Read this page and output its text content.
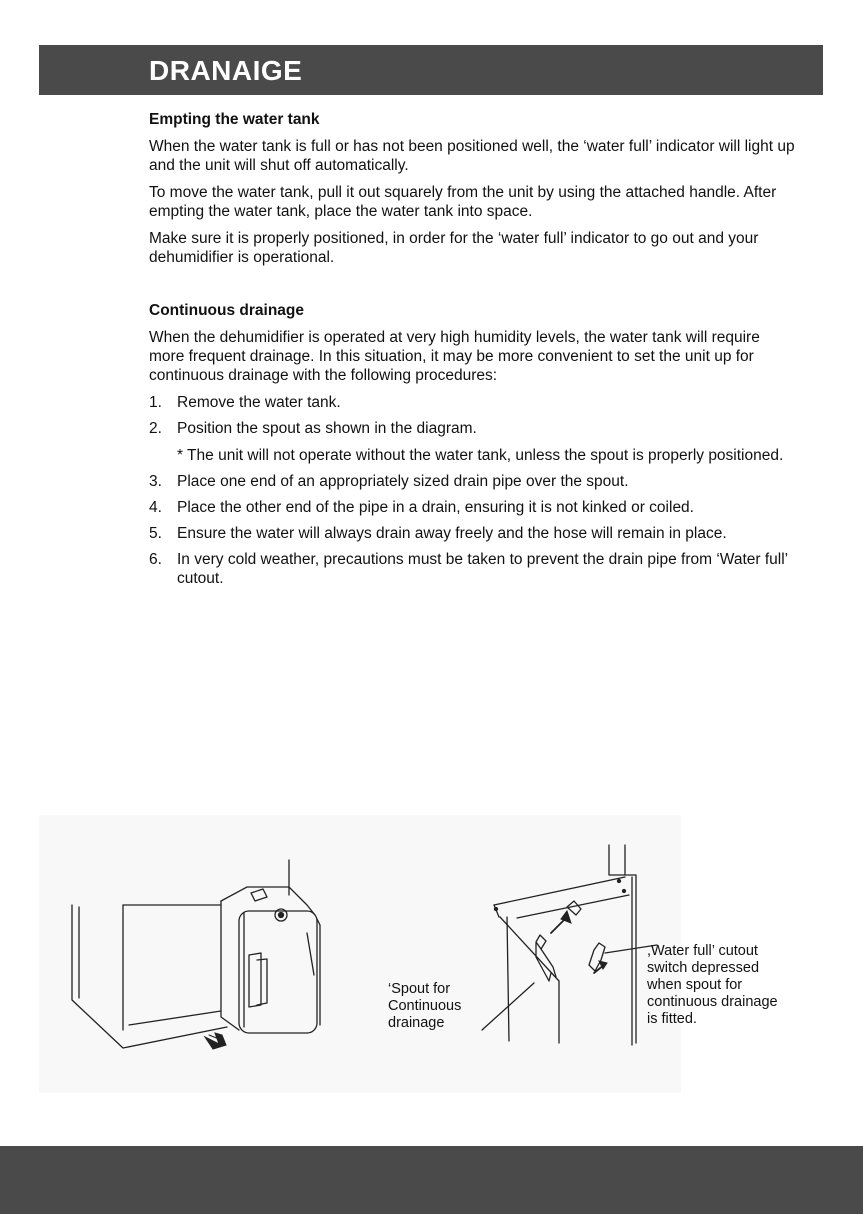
DRANAIGE

Empting the water tank

When the water tank is full or has not been positioned well, the ‘water full’ indicator will light up and the unit will shut off automatically.

To move the water tank, pull it out squarely from the unit by using the attached handle. After empting the water tank, place the water tank into space.

Make sure it is properly positioned, in order for the ‘water full’ indicator to go out and your dehumidifier is operational.

Continuous drainage

When the dehumidifier is operated at very high humidity levels, the water tank will require more frequent drainage. In this situation, it may be more convenient to set the unit up for continuous drainage with the following procedures:

1. Remove the water tank.
2. Position the spout as shown in the diagram.
* The unit will not operate without the water tank, unless the spout is properly positioned.
3. Place one end of an appropriately sized drain pipe over the spout.
4. Place the other end of the pipe in a drain, ensuring it is not kinked or coiled.
5. Ensure the water will always drain away freely and the hose will remain in place.
6. In very cold weather, precautions must be taken to prevent the drain pipe from ‘Water full’ cutout.
‘Spout for
Continuous
drainage
,Water full’ cutout
switch depressed
when spout for
continuous drainage
is fitted.
